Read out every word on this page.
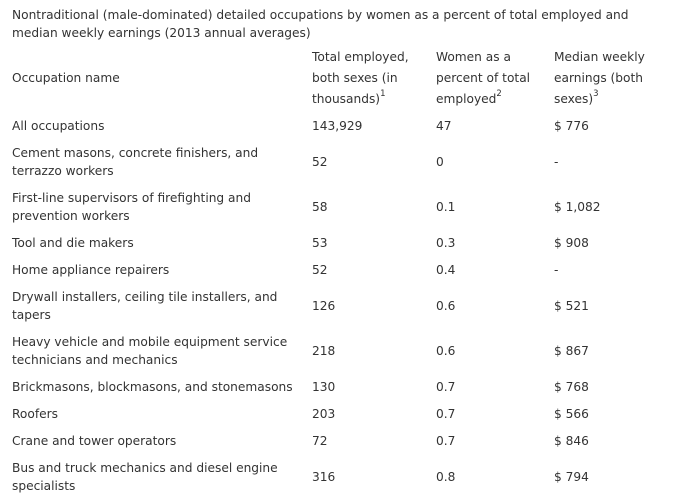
Nontraditional (male-dominated) detailed occupations by women as a percent of total employed and median weekly earnings (2013 annual averages)
Occupation name	Total employed, both sexes (in thousands)$^1$	Women as a percent of total employed$^2$	Median weekly earnings (both sexes)$^3$

All occupations	143,929	47	$ 776
Cement masons, concrete finishers, and terrazzo workers	52	0	-
First-line supervisors of firefighting and prevention workers	58	0.1	$ 1,082
Tool and die makers	53	0.3	$ 908
Home appliance repairers	52	0.4	-
Drywall installers, ceiling tile installers, and tapers	126	0.6	$ 521
Heavy vehicle and mobile equipment service technicians and mechanics	218	0.6	$ 867
Brickmasons, blockmasons, and stonemasons	130	0.7	$ 768
Roofers	203	0.7	$ 566
Crane and tower operators	72	0.7	$ 846
Bus and truck mechanics and diesel engine specialists	316	0.8	$ 794
